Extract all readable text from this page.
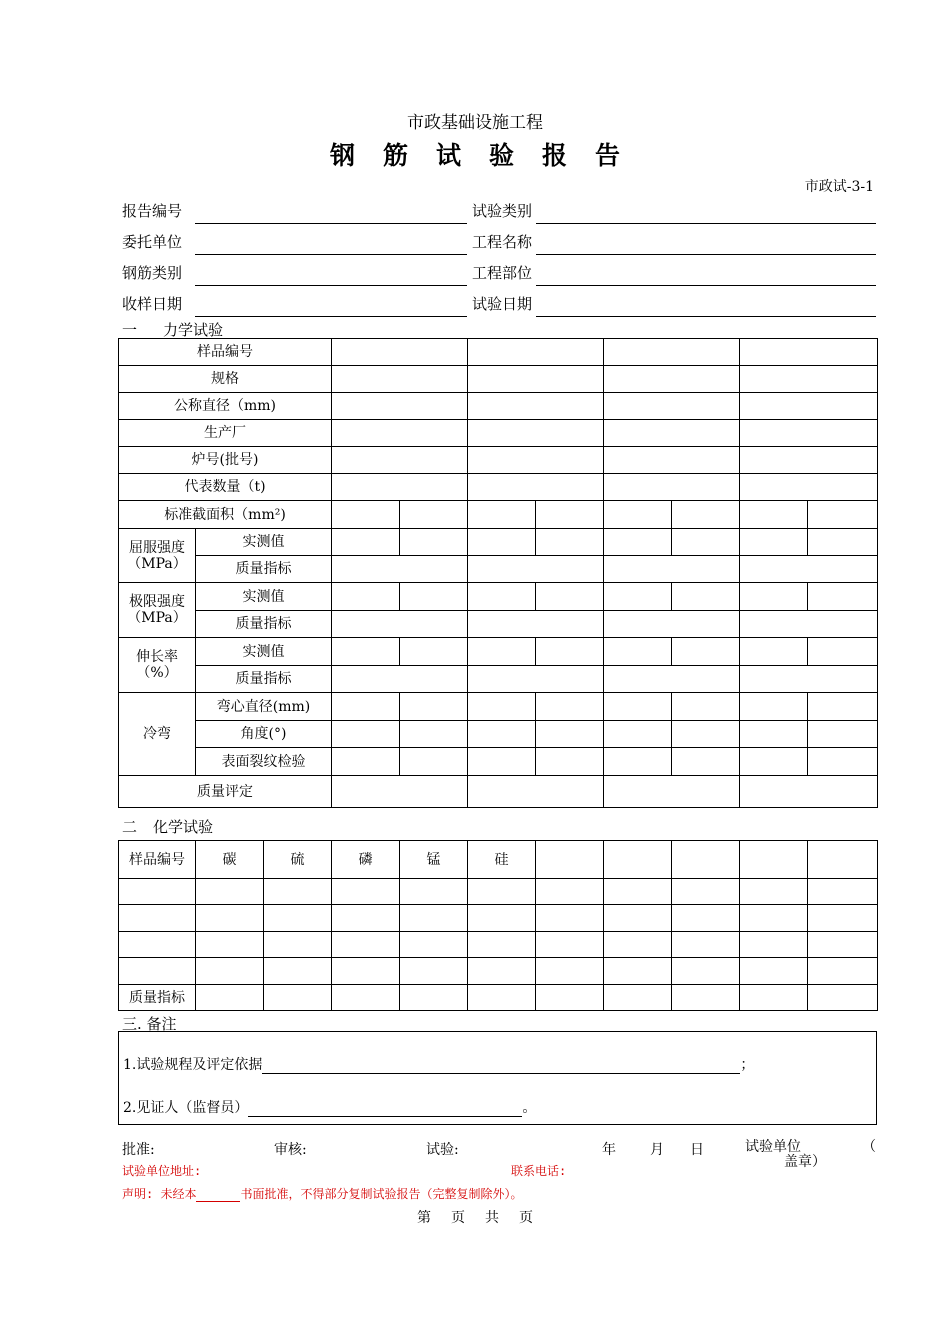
市政基础设施工程
钢 筋 试 验 报 告
市政试-3-1
报告编号	试验类别
委托单位	工程名称
钢筋类别	工程部位
收样日期	试验日期
一 力学试验
样品编号									
规格									
公称直径（mm)									
生产厂									
炉号(批号)									
代表数量（t)									
标准截面积（mm²)									
屈服强度（MPa）	实测值								
	质量指标								
极限强度（MPa）	实测值								
	质量指标								
伸长率（%）	实测值								
	质量指标								
冷弯	弯心直径(mm)								
	角度(°)								
	表面裂纹检验								
质量评定									
二 化学试验
样品编号	碳	硫	磷	锰	硅					

质量指标										
三. 备注
1.试验规程及评定依据	；
2.见证人（监督员）	。
批准:	审核:	试验:	年 月 日	试验单位	（
盖章）
试验单位地址:	联系电话:
声明: 未经本	书面批准，不得部分复制试验报告（完整复制除外）。
第 页 共 页
